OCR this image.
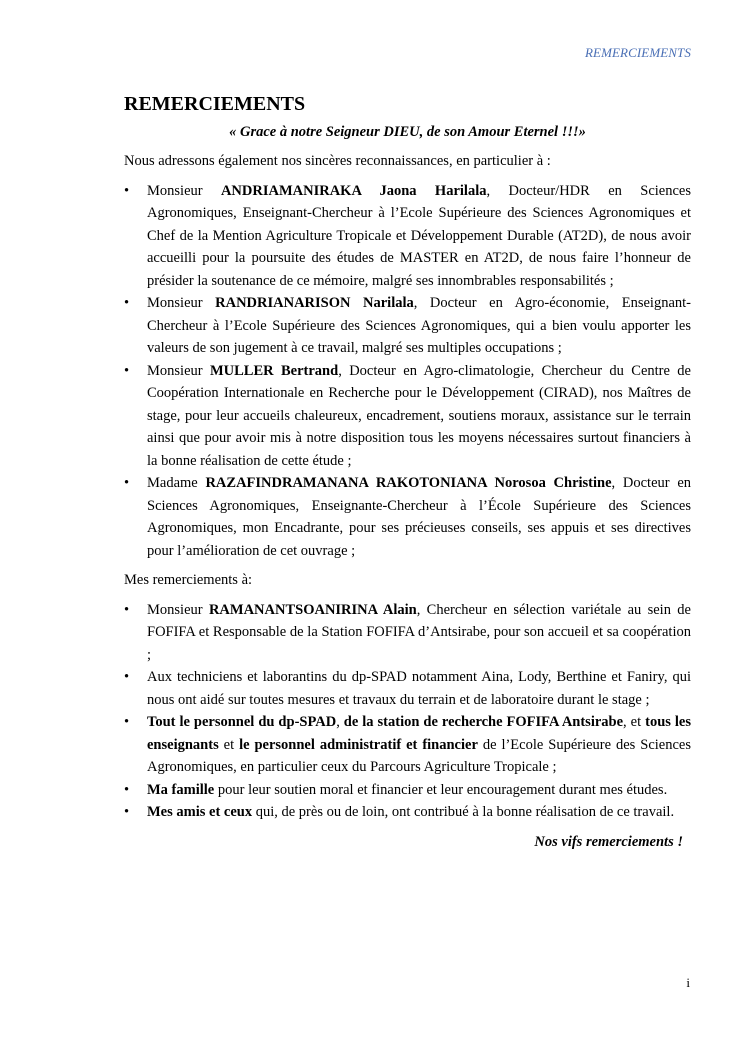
REMERCIEMENTS
REMERCIEMENTS
« Grace à notre Seigneur DIEU, de son Amour Eternel !!!»

Nous adressons également nos sincères reconnaissances, en particulier à :

•	Monsieur ANDRIAMANIRAKA Jaona Harilala, Docteur/HDR en Sciences Agronomiques, Enseignant-Chercheur à l’Ecole Supérieure des Sciences Agronomiques et Chef de la Mention Agriculture Tropicale et Développement Durable (AT2D), de nous avoir accueilli pour la poursuite des études de MASTER en AT2D, de nous faire l’honneur de présider la soutenance de ce mémoire, malgré ses innombrables responsabilités ;
•	Monsieur RANDRIANARISON Narilala, Docteur en Agro-économie, Enseignant-Chercheur à l’Ecole Supérieure des Sciences Agronomiques, qui a bien voulu apporter les valeurs de son jugement à ce travail, malgré ses multiples occupations ;
•	Monsieur MULLER Bertrand, Docteur en Agro-climatologie, Chercheur du Centre de Coopération Internationale en Recherche pour le Développement (CIRAD), nos Maîtres de stage, pour leur accueils chaleureux, encadrement, soutiens moraux, assistance sur le terrain ainsi que pour avoir mis à notre disposition tous les moyens nécessaires surtout financiers à la bonne réalisation de cette étude ;
•	Madame RAZAFINDRAMANANA RAKOTONIANA Norosoa Christine, Docteur en Sciences Agronomiques, Enseignante-Chercheur à l’École Supérieure des Sciences Agronomiques, mon Encadrante, pour ses précieuses conseils, ses appuis et ses directives pour l’amélioration de cet ouvrage ;

Mes remerciements à:

•	Monsieur RAMANANTSOANIRINA Alain, Chercheur en sélection variétale au sein de FOFIFA et Responsable de la Station FOFIFA d’Antsirabe, pour son accueil et sa coopération ;
•	Aux techniciens et laborantins du dp-SPAD notamment Aina, Lody, Berthine et Faniry, qui nous ont aidé sur toutes mesures et travaux du terrain et de laboratoire durant le stage ;
•	Tout le personnel du dp-SPAD, de la station de recherche FOFIFA Antsirabe, et tous les enseignants et le personnel administratif et financier de l’Ecole Supérieure des Sciences Agronomiques, en particulier ceux du Parcours Agriculture Tropicale ;
•	Ma famille pour leur soutien moral et financier et leur encouragement durant mes études.
•	Mes amis et ceux qui, de près ou de loin, ont contribué à la bonne réalisation de ce travail.
Nos vifs remerciements !
i
